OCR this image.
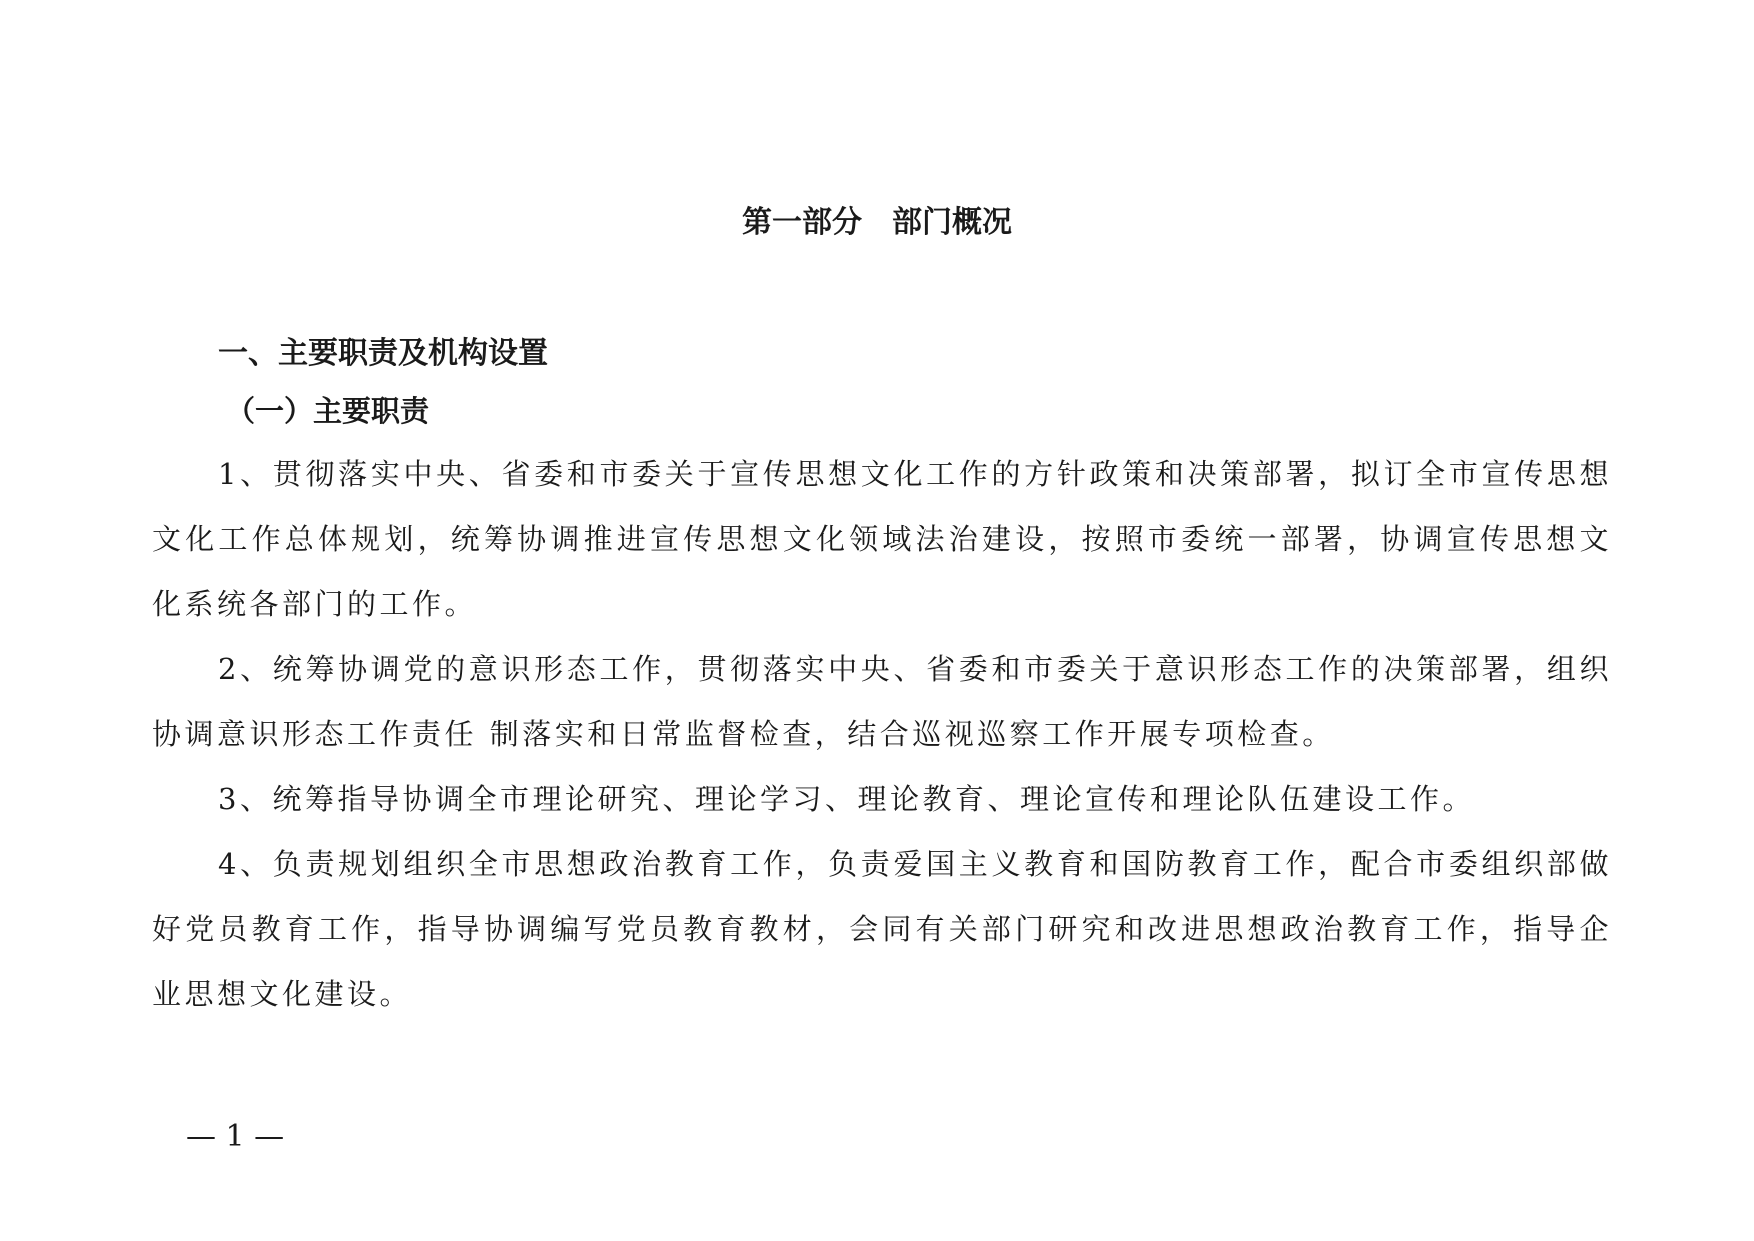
第一部分　部门概况
一、主要职责及机构设置
（一）主要职责

1、贯彻落实中央、省委和市委关于宣传思想文化工作的方针政策和决策部署，拟订全市宣传思想文化工作总体规划，统筹协调推进宣传思想文化领域法治建设，按照市委统一部署，协调宣传思想文化系统各部门的工作。

2、统筹协调党的意识形态工作，贯彻落实中央、省委和市委关于意识形态工作的决策部署，组织协调意识形态工作责任 制落实和日常监督检查，结合巡视巡察工作开展专项检查。

3、统筹指导协调全市理论研究、理论学习、理论教育、理论宣传和理论队伍建设工作。

4、负责规划组织全市思想政治教育工作，负责爱国主义教育和国防教育工作，配合市委组织部做好党员教育工作，指导协调编写党员教育教材，会同有关部门研究和改进思想政治教育工作，指导企业思想文化建设。

— 1 —
